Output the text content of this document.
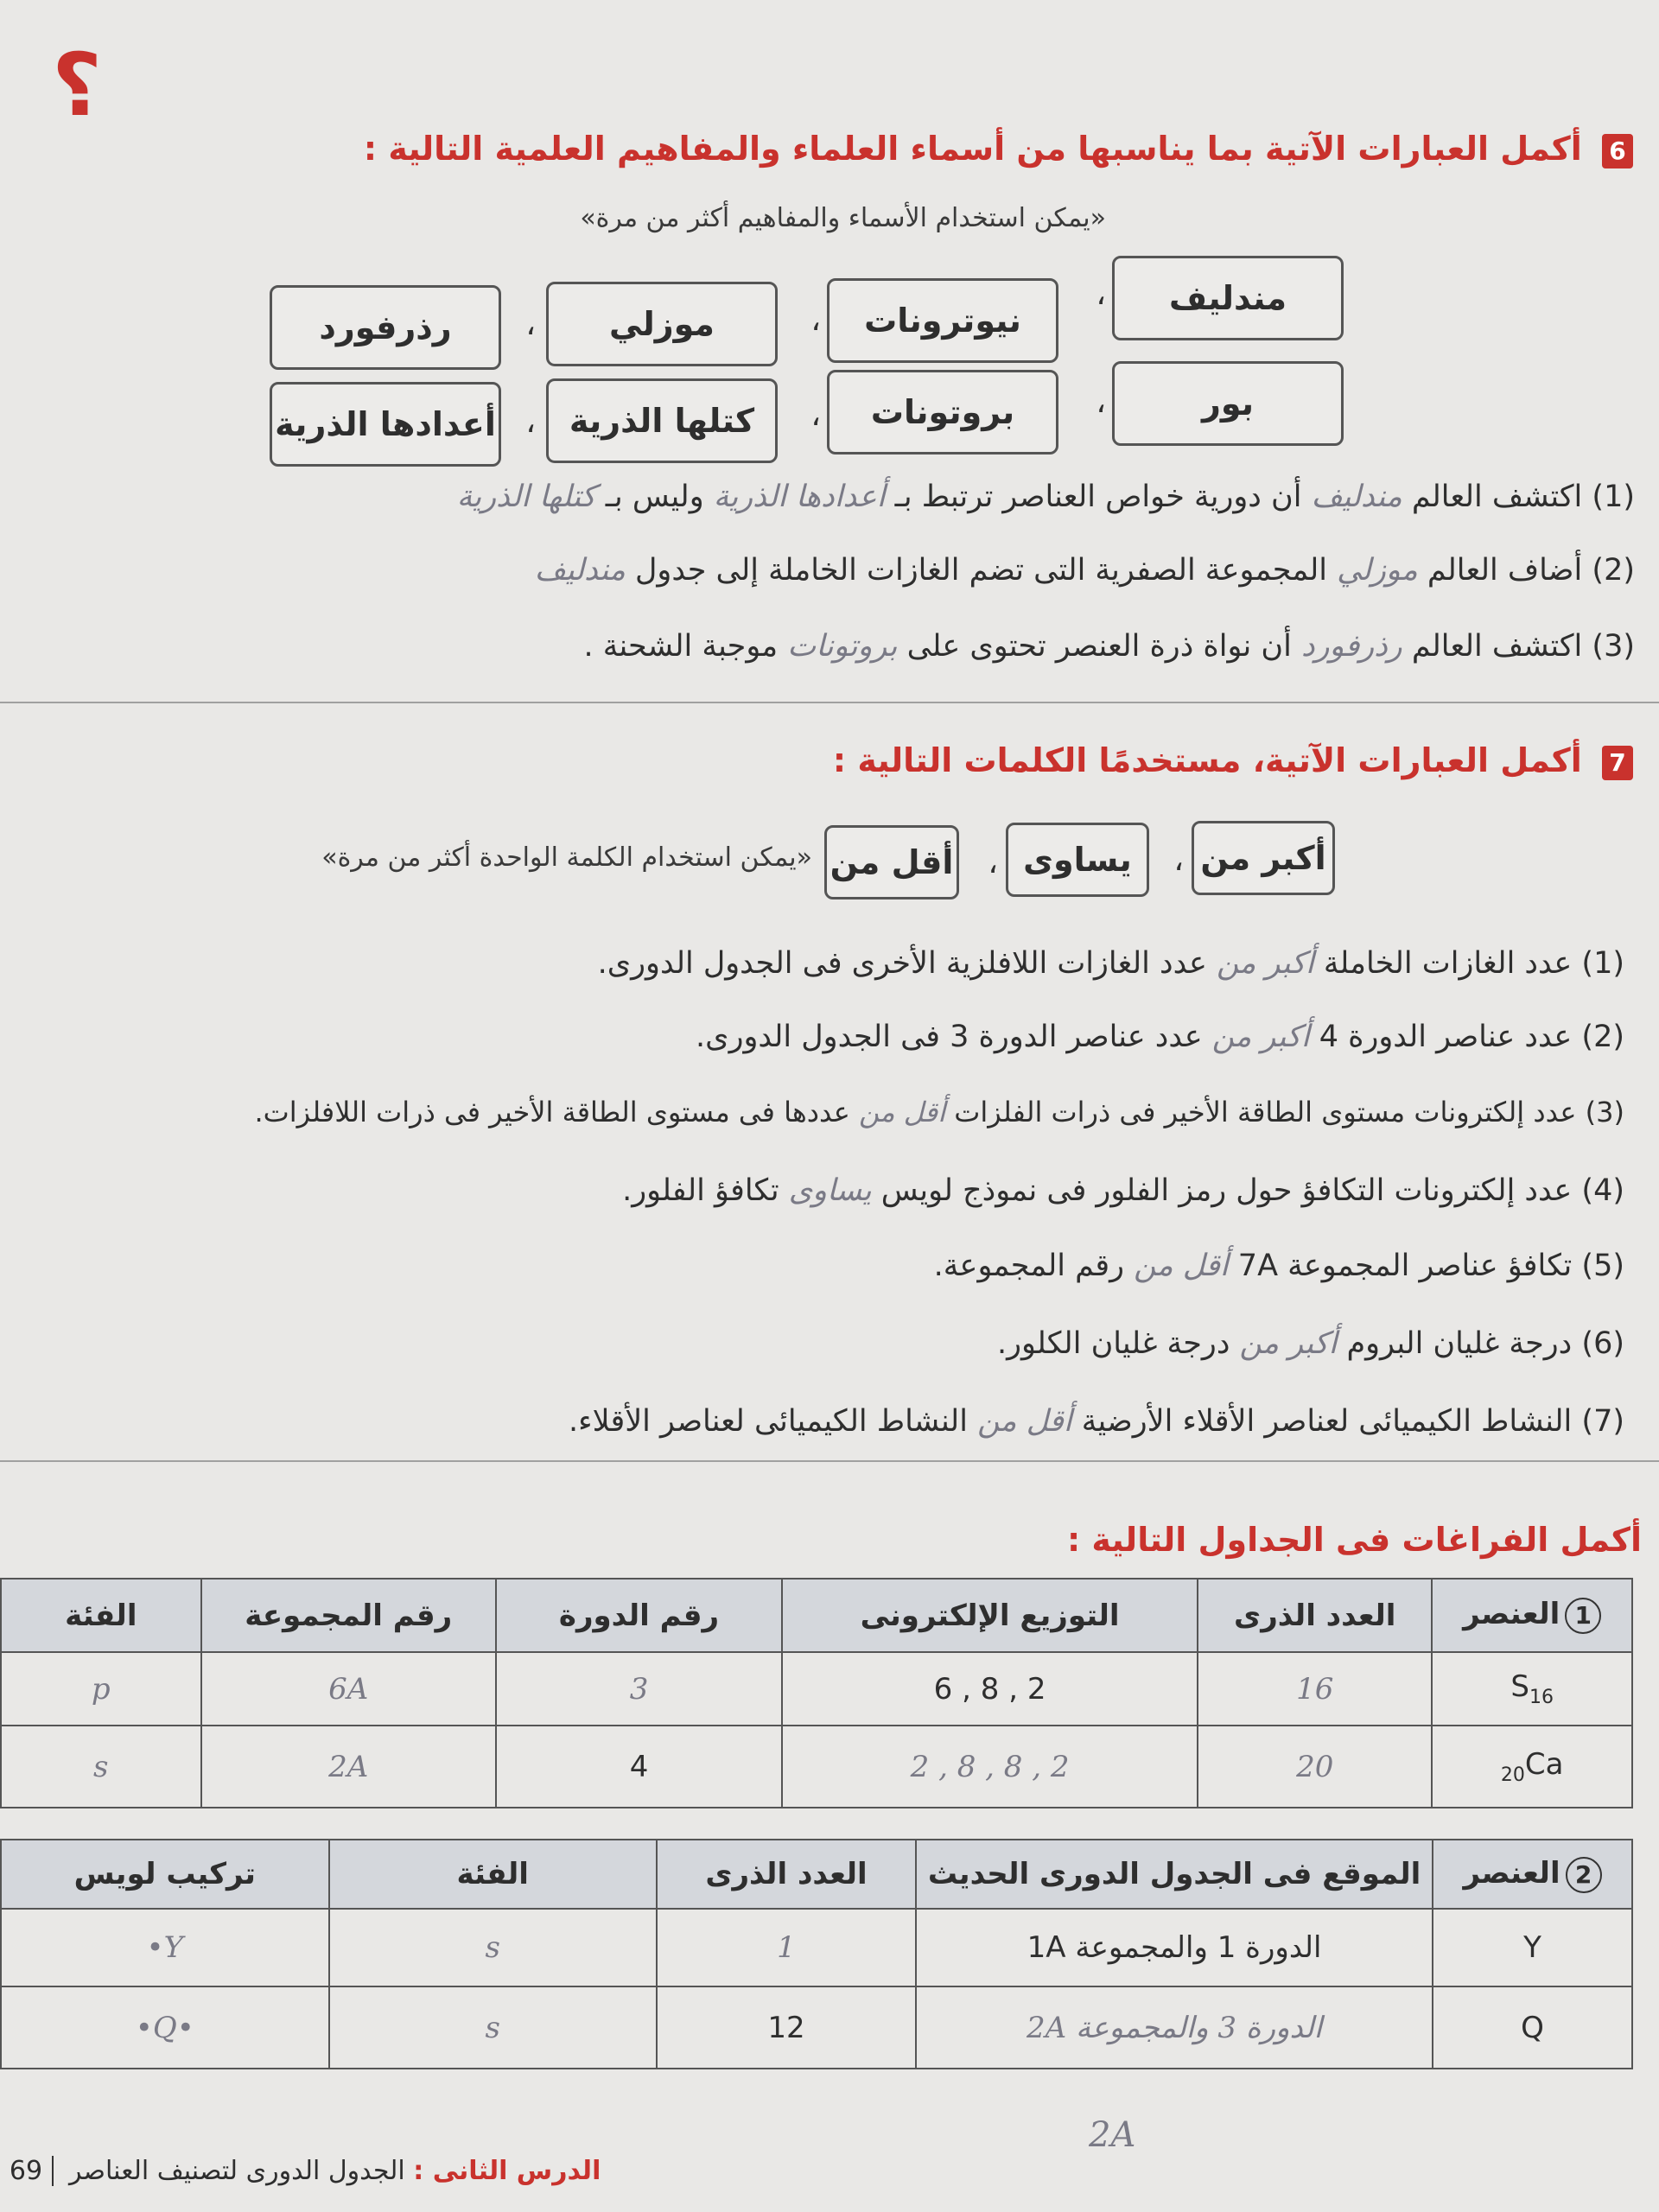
؟
6 أكمل العبارات الآتية بما يناسبها من أسماء العلماء والمفاهيم العلمية التالية :
«يمكن استخدام الأسماء والمفاهيم أكثر من مرة»
مندليف
،
نيوترونات
،
موزلي
،
رذرفورد
بور
،
بروتونات
،
كتلها الذرية
،
أعدادها الذرية
(1) اكتشف العالم مندليف أن دورية خواص العناصر ترتبط بـ أعدادها الذرية وليس بـ كتلها الذرية
(2) أضاف العالم موزلي المجموعة الصفرية التى تضم الغازات الخاملة إلى جدول مندليف
(3) اكتشف العالم رذرفورد أن نواة ذرة العنصر تحتوى على بروتونات موجبة الشحنة .
7 أكمل العبارات الآتية، مستخدمًا الكلمات التالية :
أكبر من
،
يساوى
،
أقل من
«يمكن استخدام الكلمة الواحدة أكثر من مرة»
(1) عدد الغازات الخاملة أكبر من عدد الغازات اللافلزية الأخرى فى الجدول الدورى.
(2) عدد عناصر الدورة 4 أكبر من عدد عناصر الدورة 3 فى الجدول الدورى.
(3) عدد إلكترونات مستوى الطاقة الأخير فى ذرات الفلزات أقل من عددها فى مستوى الطاقة الأخير فى ذرات اللافلزات.
(4) عدد إلكترونات التكافؤ حول رمز الفلور فى نموذج لويس يساوى تكافؤ الفلور.
(5) تكافؤ عناصر المجموعة 7A أقل من رقم المجموعة.
(6) درجة غليان البروم أكبر من درجة غليان الكلور.
(7) النشاط الكيميائى لعناصر الأقلاء الأرضية أقل من النشاط الكيميائى لعناصر الأقلاء.
أكمل الفراغات فى الجداول التالية :
1العنصر	العدد الذرى	التوزيع الإلكترونى	رقم الدورة	رقم المجموعة	الفئة
$S_{16}$	16	2 , 8 , 6	3	6A	p
$_{20}$Ca	20	2 , 8 , 8 , 2	4	2A	s
2العنصر	الموقع فى الجدول الدورى الحديث	العدد الذرى	الفئة	تركيب لويس
Y	الدورة 1 والمجموعة 1A	1	s	Y•
Q	الدورة 3 والمجموعة 2A	12	s	•Q•
2A
69	الدرس الثانى : الجدول الدورى لتصنيف العناصر
